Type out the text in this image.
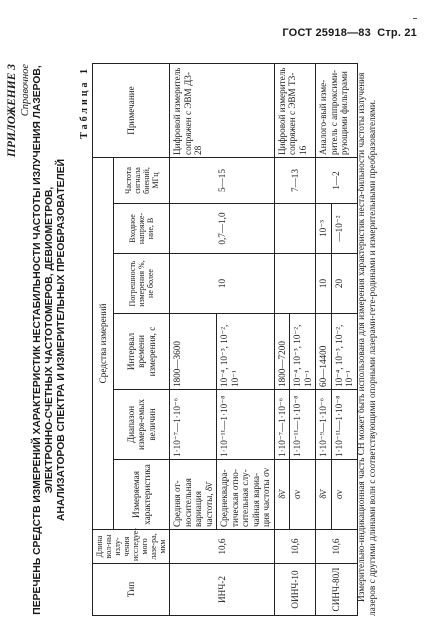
ГОСТ 25918—83 Стр. 21
ПРИЛОЖЕНИЕ 3 Справочное ПЕРЕЧЕНЬ СРЕДСТВ ИЗМЕРЕНИЙ ХАРАКТЕРИСТИК НЕСТАБИЛЬНОСТИ ЧАСТОТЫ ИЗЛУЧЕНИЯ ЛАЗЕРОВ, ЭЛЕКТРОННО-СЧЕТНЫХ ЧАСТОТОМЕРОВ, ДЕВИОМЕТРОВ, АНАЛИЗАТОРОВ СПЕКТРА И ИЗМЕРИТЕЛЬНЫХ ПРЕОБРАЗОВАТЕЛЕЙ
Таблица 1
Тип	Длина вол-ны излу-чения исследуе-мого лазе-ра, мкм	Средства измерений						Примечание
		Измеряемая характеристика	Диапазон измеря-емых величин	Интервал времени измерения, с	Погрешность измерения %, не более	Входное напряже-ние, В	Частота сигнала биений, МГц	
ИНЧ-2	10,6	Средняя от-носительная вариация частоты, δ̄ν̄	1·10⁻⁷—1·10⁻⁶	1800—3600	10	0,7—1,0	5—15	Цифровой измеритель сопряжен с ЭВМ Д3-28
		Среднеквадра-тическая отно-сительная слу-чайная вариа-ция частоты σν	1·10⁻¹¹—1·10⁻⁸	10⁻⁴, 10⁻³, 10⁻², 10⁻¹				
ОИНЧ-10	10,6	δ̄ν̄	1·10⁻⁷—1·10⁻⁶	1800—7200			7—13	Цифровой измеритель сопряжен с ЭВМ Т3-16
		σν	1·10⁻¹¹—1·10⁻⁸	10⁻⁴, 10⁻³, 10⁻², 10⁻¹				
СИНЧ-80Л	10,6	δ̄ν̄	1·10⁻⁹—1·10⁻⁶	60—14400	10	10⁻³	1—2	Аналого-вый изме-ритель с аппроксими-рующими фильтрами
		σν	1·10⁻¹¹—1·10⁻⁸	10⁻⁴, 10⁻³, 10⁻², 10⁻¹	20	—10⁻²		Измерительно-индикационная часть СН может быть использована для измерения характеристик неста-бильности частоты излучения лазеров с другими длинами волн с соответствующими опорными лазерами-гете-родинами и измерительными преобразователями.
